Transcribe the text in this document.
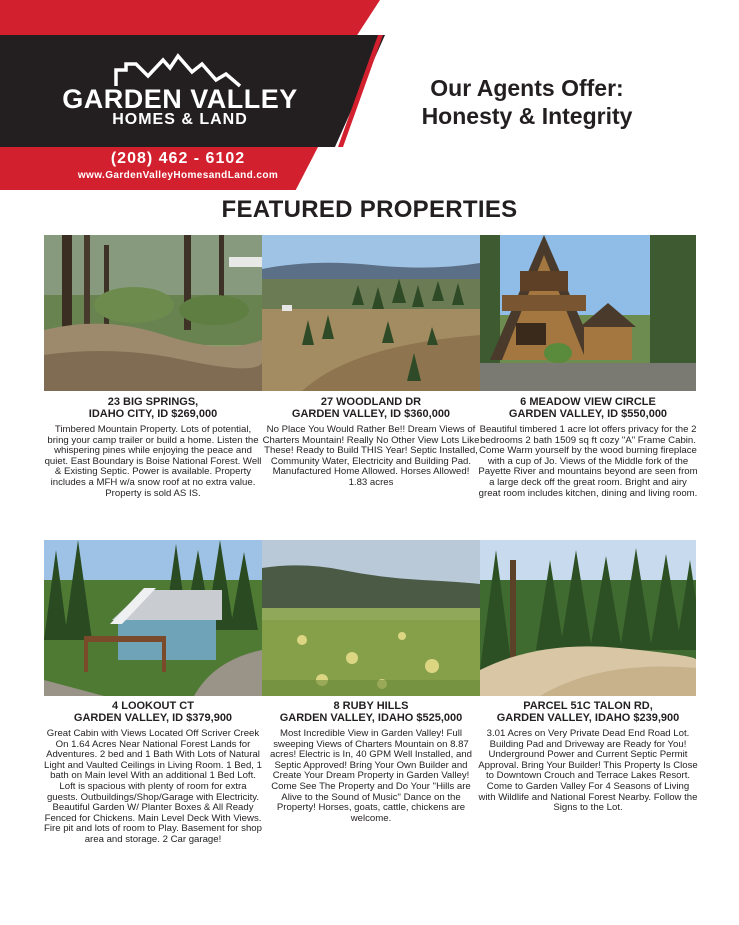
GARDEN VALLEY
HOMES & LAND
(208) 462 - 6102
www.GardenValleyHomesandLand.com
Our Agents Offer:
Honesty & Integrity
FEATURED PROPERTIES
23 BIG SPRINGS,
IDAHO CITY, ID $269,000
Timbered Mountain Property. Lots of potential, bring your camp trailer or build a home. Listen the whispering pines while enjoying the peace and quiet. East Boundary is Boise National Forest. Well & Existing Septic. Power is available. Property includes a MFH w/a snow roof at no extra value. Property is sold AS IS.
27 WOODLAND DR
GARDEN VALLEY, ID $360,000
No Place You Would Rather Be!! Dream Views of Charters Mountain! Really No Other View Lots Like These! Ready to Build THIS Year! Septic Installed, Community Water, Electricity and Building Pad. Manufactured Home Allowed. Horses Allowed! 1.83 acres
6 MEADOW VIEW CIRCLE
GARDEN VALLEY, ID $550,000
Beautiful timbered 1 acre lot offers privacy for the 2 bedrooms 2 bath 1509 sq ft cozy "A" Frame Cabin. Come Warm yourself by the wood burning fireplace with a cup of Jo. Views of the Middle fork of the Payette River and mountains beyond are seen from a large deck off the great room. Bright and airy great room includes kitchen, dining and living room.
4 LOOKOUT CT
GARDEN VALLEY, ID $379,900
Great Cabin with Views Located Off Scriver Creek On 1.64 Acres Near National Forest Lands for Adventures. 2 bed and 1 Bath With Lots of Natural Light and Vaulted Ceilings in Living Room. 1 Bed, 1 bath on Main level With an additional 1 Bed Loft. Loft is spacious with plenty of room for extra guests. Outbuildings/Shop/Garage with Electricity. Beautiful Garden W/ Planter Boxes & All Ready Fenced for Chickens. Main Level Deck With Views. Fire pit and lots of room to Play. Basement for shop area and storage. 2 Car garage!
8 RUBY HILLS
GARDEN VALLEY, IDAHO $525,000
Most Incredible View in Garden Valley! Full sweeping Views of Charters Mountain on 8.87 acres! Electric is In, 40 GPM Well Installed, and Septic Approved! Bring Your Own Builder and Create Your Dream Property in Garden Valley! Come See The Property and Do Your "Hills are Alive to the Sound of Music" Dance on the Property! Horses, goats, cattle, chickens are welcome.
PARCEL 51C TALON RD,
GARDEN VALLEY, IDAHO $239,900
3.01 Acres on Very Private Dead End Road Lot. Building Pad and Driveway are Ready for You! Underground Power and Current Septic Permit Approval. Bring Your Builder! This Property Is Close to Downtown Crouch and Terrace Lakes Resort. Come to Garden Valley For 4 Seasons of Living with Wildlife and National Forest Nearby. Follow the Signs to the Lot.
